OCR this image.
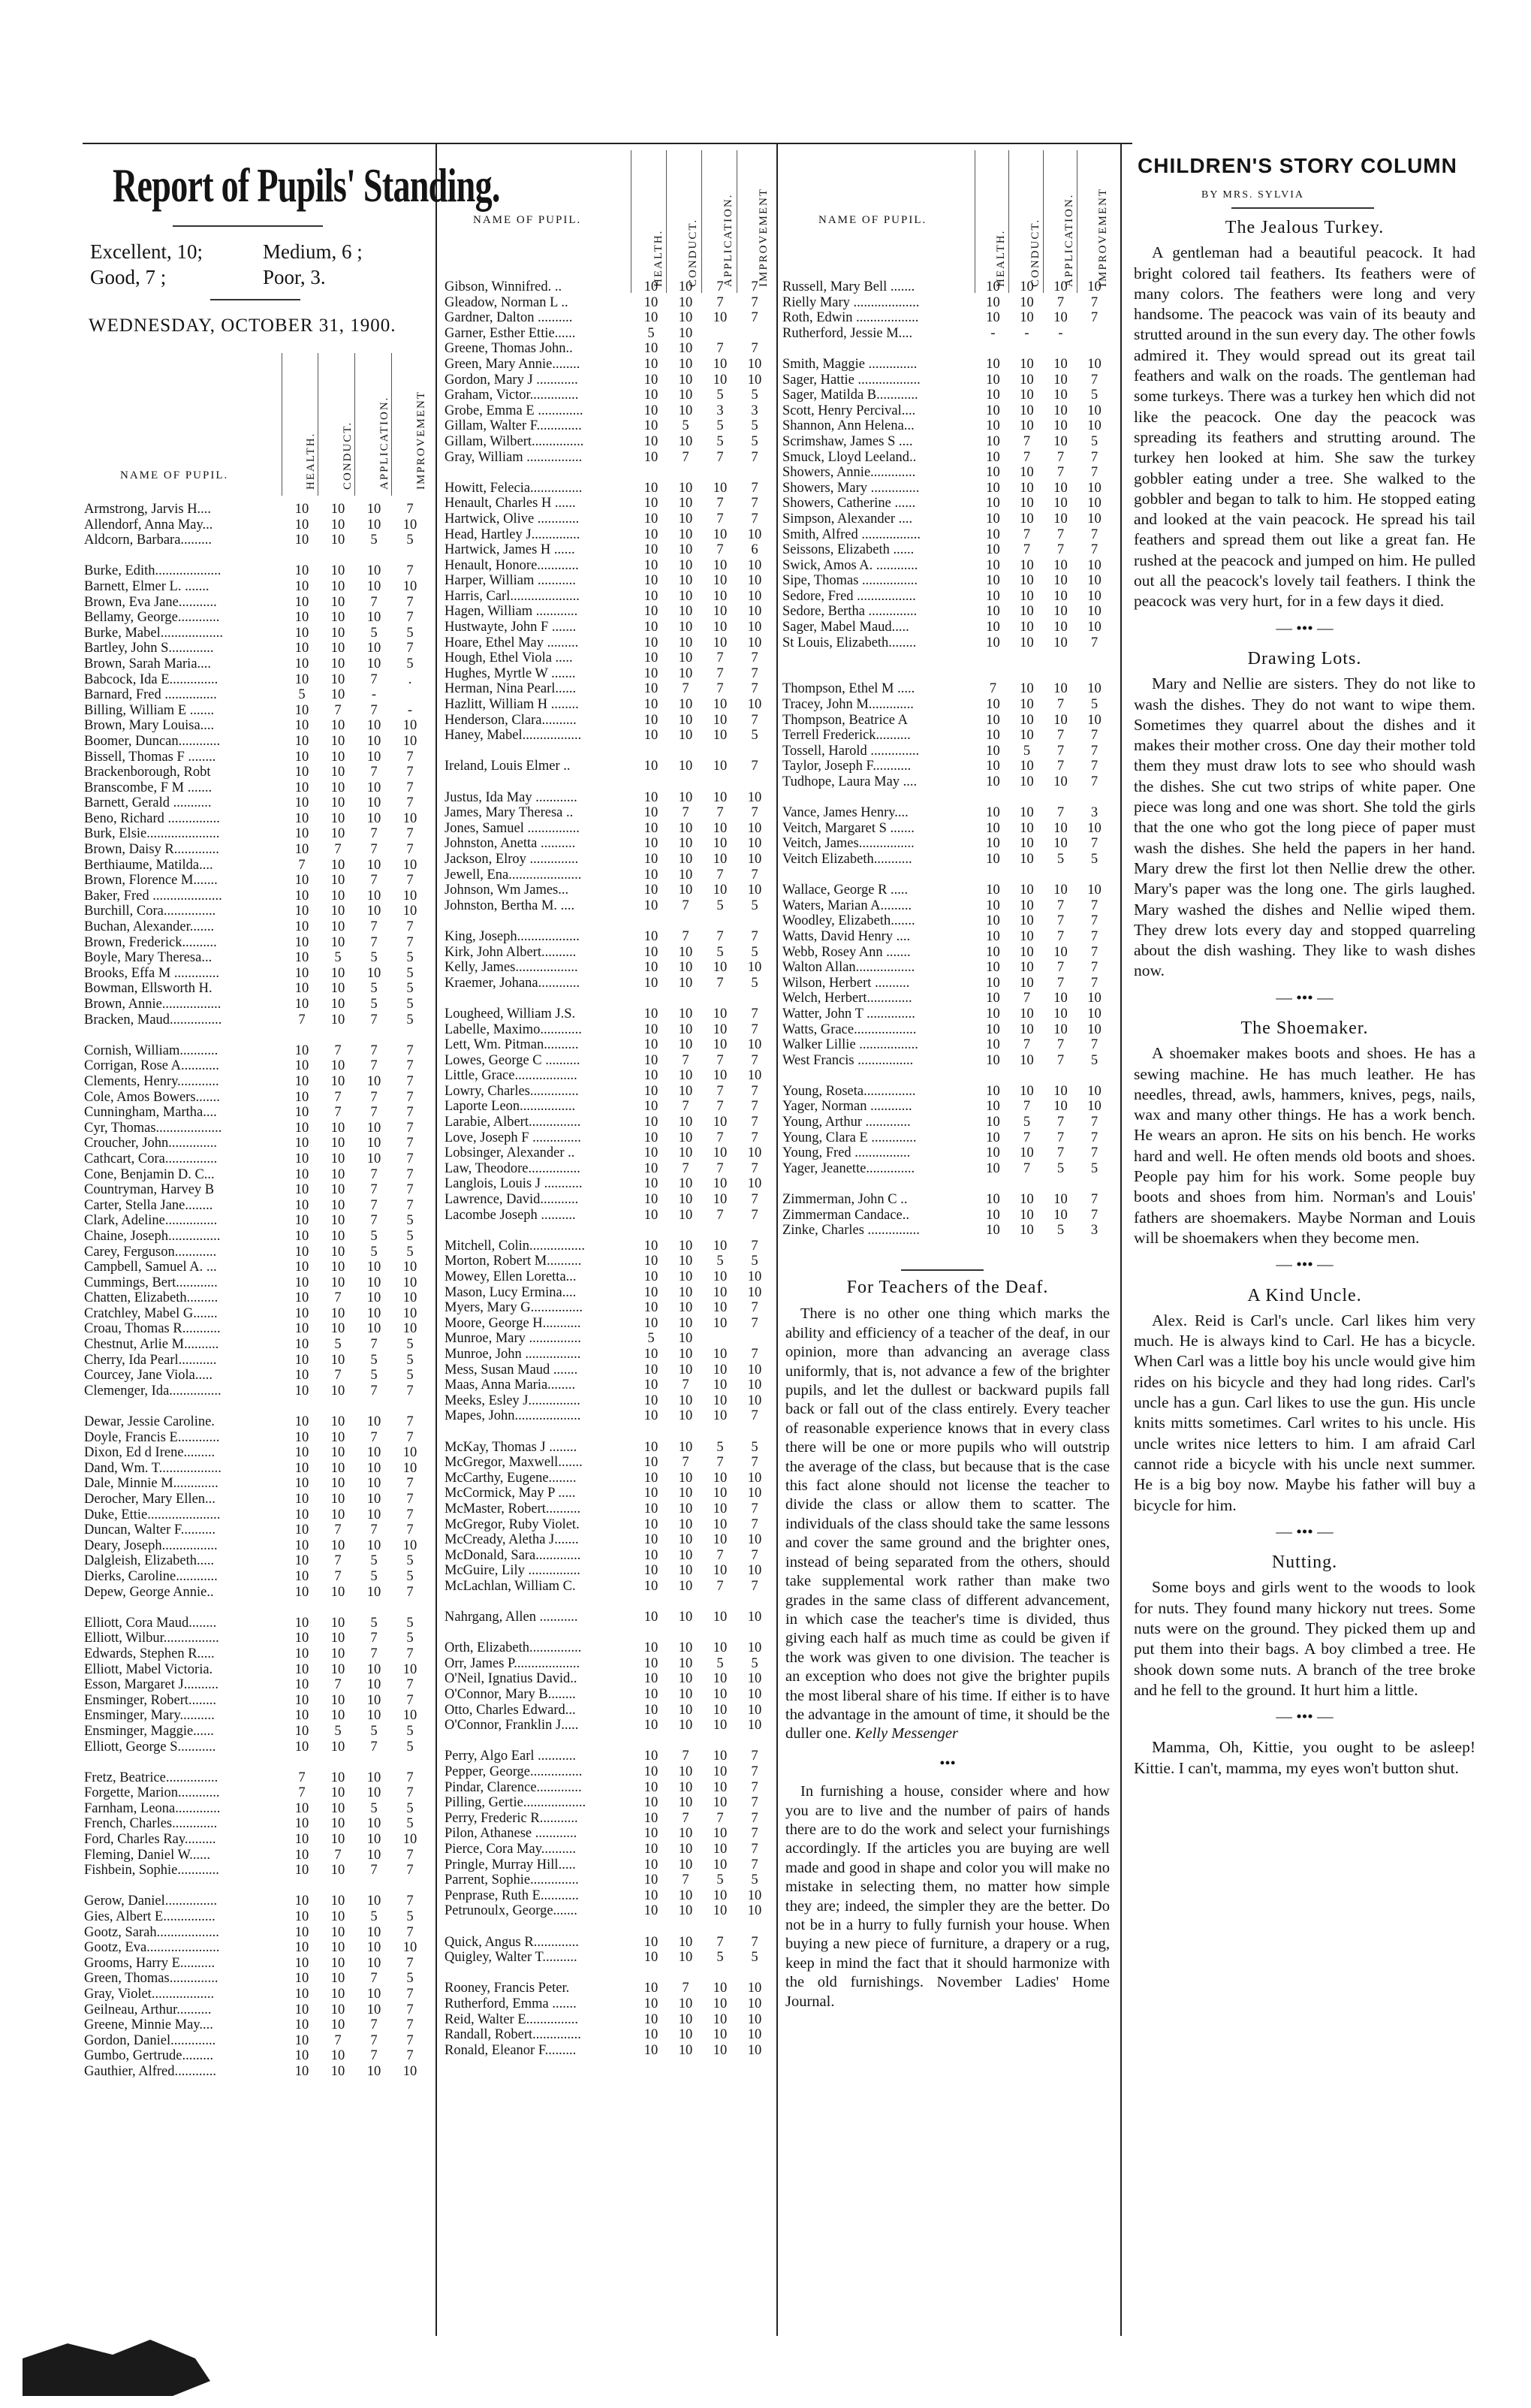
Report of Pupils' Standing.
Excellent, 10;	Medium, 6 ;
Good, 7 ;	Poor, 3.
WEDNESDAY, OCTOBER 31, 1900.
NAME OF PUPIL.	HEALTH. CONDUCT. APPLICATION. IMPROVEMENT
Armstrong, Jarvis H....	10	10	10	7
Allendorf, Anna May...	10	10	10	10
Aldcorn, Barbara.........	10	10	5	5
Burke, Edith...................	10	10	10	7
Barnett, Elmer L. .......	10	10	10	10
Brown, Eva Jane...........	10	10	7	7
Bellamy, George............	10	10	10	7
Burke, Mabel..................	10	10	5	5
Bartley, John S.............	10	10	10	7
Brown, Sarah Maria....	10	10	10	5
Babcock, Ida E..............	10	10	7	.
Barnard, Fred ...............	5	10	-
Billing, William E .......	10	7	7	-
Brown, Mary Louisa....	10	10	10	10
Boomer, Duncan............	10	10	10	10
Bissell, Thomas F ........	10	10	10	7
Brackenborough, Robt	10	10	7	7
Branscombe, F M .......	10	10	10	7
Barnett, Gerald ...........	10	10	10	7
Beno, Richard ...............	10	10	10	10
Burk, Elsie.....................	10	10	7	7
Brown, Daisy R.............	10	7	7	7
Berthiaume, Matilda....	7	10	10	10
Brown, Florence M.......	10	10	7	7
Baker, Fred ....................	10	10	10	10
Burchill, Cora...............	10	10	10	10
Buchan, Alexander.......	10	10	7	7
Brown, Frederick..........	10	10	7	7
Boyle, Mary Theresa...	10	5	5	5
Brooks, Effa M .............	10	10	10	5
Bowman, Ellsworth H.	10	10	5	5
Brown, Annie.................	10	10	5	5
Bracken, Maud...............	7	10	7	5
Cornish, William...........	10	7	7	7
Corrigan, Rose A...........	10	10	7	7
Clements, Henry............	10	10	10	7
Cole, Amos Bowers.......	10	7	7	7
Cunningham, Martha....	10	7	7	7
Cyr, Thomas...................	10	10	10	7
Croucher, John..............	10	10	10	7
Cathcart, Cora...............	10	10	10	7
Cone, Benjamin D. C...	10	10	7	7
Countryman, Harvey B	10	10	7	7
Carter, Stella Jane........	10	10	7	7
Clark, Adeline...............	10	10	7	5
Chaine, Joseph...............	10	10	5	5
Carey, Ferguson............	10	10	5	5
Campbell, Samuel A. ...	10	10	10	10
Cummings, Bert............	10	10	10	10
Chatten, Elizabeth.........	10	7	10	10
Cratchley, Mabel G.......	10	10	10	10
Croau, Thomas R...........	10	10	10	10
Chestnut, Arlie M..........	10	5	7	5
Cherry, Ida Pearl...........	10	10	5	5
Courcey, Jane Viola.....	10	7	5	5
Clemenger, Ida...............	10	10	7	7
Dewar, Jessie Caroline.	10	10	10	7
Doyle, Francis E............	10	10	7	7
Dixon, Ed d Irene.........	10	10	10	10
Dand, Wm. T..................	10	10	10	10
Dale, Minnie M.............	10	10	10	7
Derocher, Mary Ellen...	10	10	10	7
Duke, Ettie.....................	10	10	10	7
Duncan, Walter F..........	10	7	7	7
Deary, Joseph................	10	10	10	10
Dalgleish, Elizabeth.....	10	7	5	5
Dierks, Caroline............	10	7	5	5
Depew, George Annie..	10	10	10	7
Elliott, Cora Maud........	10	10	5	5
Elliott, Wilbur................	10	10	7	5
Edwards, Stephen R.....	10	10	7	7
Elliott, Mabel Victoria.	10	10	10	10
Esson, Margaret J..........	10	7	10	7
Ensminger, Robert........	10	10	10	7
Ensminger, Mary..........	10	10	10	10
Ensminger, Maggie......	10	5	5	5
Elliott, George S...........	10	10	7	5
Fretz, Beatrice...............	7	10	10	7
Forgette, Marion............	7	10	10	7
Farnham, Leona.............	10	10	5	5
French, Charles.............	10	10	10	5
Ford, Charles Ray.........	10	10	10	10
Fleming, Daniel W......	10	7	10	7
Fishbein, Sophie............	10	10	7	7
Gerow, Daniel...............	10	10	10	7
Gies, Albert E...............	10	10	5	5
Gootz, Sarah..................	10	10	10	7
Gootz, Eva.....................	10	10	10	10
Grooms, Harry E..........	10	10	10	7
Green, Thomas..............	10	10	7	5
Gray, Violet..................	10	10	10	7
Geilneau, Arthur..........	10	10	10	7
Greene, Minnie May....	10	10	7	7
Gordon, Daniel.............	10	7	7	7
Gumbo, Gertrude.........	10	10	7	7
Gauthier, Alfred............	10	10	10	10
NAME OF PUPIL.
HEALTH. CONDUCT. APPLICATION. IMPROVEMENT
Gibson, Winnifred. ..	10	10	7	7
Gleadow, Norman L ..	10	10	7	7
Gardner, Dalton ..........	10	10	10	7
Garner, Esther Ettie......	5	10
Greene, Thomas John..	10	10	7	7
Green, Mary Annie........	10	10	10	10
Gordon, Mary J ............	10	10	10	10
Graham, Victor..............	10	10	5	5
Grobe, Emma E .............	10	10	3	3
Gillam, Walter F.............	10	5	5	5
Gillam, Wilbert...............	10	10	5	5
Gray, William ................	10	7	7	7
Howitt, Felecia...............	10	10	10	7
Henault, Charles H ......	10	10	7	7
Hartwick, Olive ............	10	10	7	7
Head, Hartley J..............	10	10	10	10
Hartwick, James H ......	10	10	7	6
Henault, Honore............	10	10	10	10
Harper, William ...........	10	10	10	10
Harris, Carl....................	10	10	10	10
Hagen, William ............	10	10	10	10
Hustwayte, John F .......	10	10	10	10
Hoare, Ethel May .........	10	10	10	10
Hough, Ethel Viola .....	10	10	7	7
Hughes, Myrtle W .......	10	10	7	7
Herman, Nina Pearl......	10	7	7	7
Hazlitt, William H ........	10	10	10	10
Henderson, Clara..........	10	10	10	7
Haney, Mabel.................	10	10	10	5
Ireland, Louis Elmer ..	10	10	10	7
Justus, Ida May ............	10	10	10	10
James, Mary Theresa ..	10	7	7	7
Jones, Samuel ...............	10	10	10	10
Johnston, Anetta ..........	10	10	10	10
Jackson, Elroy ..............	10	10	10	10
Jewell, Ena.....................	10	10	7	7
Johnson, Wm James...	10	10	10	10
Johnston, Bertha M. ....	10	7	5	5
King, Joseph..................	10	7	7	7
Kirk, John Albert..........	10	10	5	5
Kelly, James..................	10	10	10	10
Kraemer, Johana............	10	10	7	5
Lougheed, William J.S.	10	10	10	7
Labelle, Maximo............	10	10	10	7
Lett, Wm. Pitman..........	10	10	10	10
Lowes, George C ..........	10	7	7	7
Little, Grace..................	10	10	10	10
Lowry, Charles..............	10	10	7	7
Laporte Leon................	10	7	7	7
Larabie, Albert...............	10	10	10	7
Love, Joseph F ..............	10	10	7	7
Lobsinger, Alexander ..	10	10	10	10
Law, Theodore...............	10	7	7	7
Langlois, Louis J ...........	10	10	10	10
Lawrence, David...........	10	10	10	7
Lacombe Joseph ..........	10	10	7	7
Mitchell, Colin................	10	10	10	7
Morton, Robert M..........	10	10	5	5
Mowey, Ellen Loretta...	10	10	10	10
Mason, Lucy Ermina....	10	10	10	10
Myers, Mary G...............	10	10	10	7
Moore, George H...........	10	10	10	7
Munroe, Mary ...............	5	10
Munroe, John ................	10	10	10	7
Mess, Susan Maud .......	10	10	10	10
Maas, Anna Maria........	10	7	10	10
Meeks, Esley J...............	10	10	10	10
Mapes, John...................	10	10	10	7
McKay, Thomas J ........	10	10	5	5
McGregor, Maxwell.......	10	7	7	7
McCarthy, Eugene........	10	10	10	10
McCormick, May P .....	10	10	10	10
McMaster, Robert..........	10	10	10	7
McGregor, Ruby Violet.	10	10	10	7
McCready, Aletha J.......	10	10	10	10
McDonald, Sara.............	10	10	7	7
McGuire, Lily ...............	10	10	10	10
McLachlan, William C.	10	10	7	7
Nahrgang, Allen ...........	10	10	10	10
Orth, Elizabeth...............	10	10	10	10
Orr, James P...................	10	10	5	5
O'Neil, Ignatius David..	10	10	10	10
O'Connor, Mary B........	10	10	10	10
Otto, Charles Edward...	10	10	10	10
O'Connor, Franklin J.....	10	10	10	10
Perry, Algo Earl ...........	10	7	10	7
Pepper, George...............	10	10	10	7
Pindar, Clarence.............	10	10	10	7
Pilling, Gertie..................	10	10	10	7
Perry, Frederic R...........	10	7	7	7
Pilon, Athanese ............	10	10	10	7
Pierce, Cora May..........	10	10	10	7
Pringle, Murray Hill.....	10	10	10	7
Parrent, Sophie..............	10	7	5	5
Penprase, Ruth E...........	10	10	10	10
Petrunoulx, George.......	10	10	10	10
Quick, Angus R.............	10	10	7	7
Quigley, Walter T..........	10	10	5	5
Rooney, Francis Peter.	10	7	10	10
Rutherford, Emma .......	10	10	10	10
Reid, Walter E...............	10	10	10	10
Randall, Robert..............	10	10	10	10
Ronald, Eleanor F.........	10	10	10	10
NAME OF PUPIL.
HEALTH. CONDUCT. APPLICATION. IMPROVEMENT
Russell, Mary Bell .......	10	10	10	10
Rielly Mary ...................	10	10	7	7
Roth, Edwin ..................	10	10	10	7
Rutherford, Jessie M....	-	-	-
Smith, Maggie ..............	10	10	10	10
Sager, Hattie ..................	10	10	10	7
Sager, Matilda B............	10	10	10	5
Scott, Henry Percival....	10	10	10	10
Shannon, Ann Helena...	10	10	10	10
Scrimshaw, James S ....	10	7	10	5
Smuck, Lloyd Leeland..	10	7	7	7
Showers, Annie.............	10	10	7	7
Showers, Mary ..............	10	10	10	10
Showers, Catherine ......	10	10	10	10
Simpson, Alexander ....	10	10	10	10
Smith, Alfred .................	10	7	7	7
Seissons, Elizabeth ......	10	7	7	7
Swick, Amos A. ............	10	10	10	10
Sipe, Thomas ................	10	10	10	10
Sedore, Fred .................	10	10	10	10
Sedore, Bertha ..............	10	10	10	10
Sager, Mabel Maud.....	10	10	10	10
St Louis, Elizabeth........	10	10	10	7
Thompson, Ethel M .....	7	10	10	10
Tracey, John M.............	10	10	7	5
Thompson, Beatrice A	10	10	10	10
Terrell Frederick..........	10	10	7	7
Tossell, Harold ..............	10	5	7	7
Taylor, Joseph F...........	10	10	7	7
Tudhope, Laura May ....	10	10	10	7
Vance, James Henry....	10	10	7	3
Veitch, Margaret S .......	10	10	10	10
Veitch, James................	10	10	10	7
Veitch Elizabeth...........	10	10	5	5
Wallace, George R .....	10	10	10	10
Waters, Marian A.........	10	10	7	7
Woodley, Elizabeth.......	10	10	7	7
Watts, David Henry ....	10	10	7	7
Webb, Rosey Ann .......	10	10	10	7
Walton Allan.................	10	10	7	7
Wilson, Herbert ..........	10	10	7	7
Welch, Herbert.............	10	7	10	10
Watter, John T ..............	10	10	10	10
Watts, Grace..................	10	10	10	10
Walker Lillie .................	10	7	7	7
West Francis ................	10	10	7	5
Young, Roseta...............	10	10	10	10
Yager, Norman ............	10	7	10	10
Young, Arthur .............	10	5	7	7
Young, Clara E .............	10	7	7	7
Young, Fred ................	10	10	7	7
Yager, Jeanette..............	10	7	5	5
Zimmerman, John C ..	10	10	10	7
Zimmerman Candace..	10	10	10	7
Zinke, Charles ...............	10	10	5	3
For Teachers of the Deaf.

There is no other one thing which marks the ability and efficiency of a teacher of the deaf, in our opinion, more than advancing an average class uniformly, that is, not advance a few of the brighter pupils, and let the dullest or backward pupils fall back or fall out of the class entirely. Every teacher of reasonable experience knows that in every class there will be one or more pupils who will outstrip the average of the class, but because that is the case this fact alone should not license the teacher to divide the class or allow them to scatter. The individuals of the class should take the same lessons and cover the same ground and the brighter ones, instead of being separated from the others, should take supplemental work rather than make two grades in the same class of different advancement, in which case the teacher's time is divided, thus giving each half as much time as could be given if the work was given to one division. The teacher is an exception who does not give the brighter pupils the most liberal share of his time. If either is to have the advantage in the amount of time, it should be the duller one. Kelly Messenger

•••

In furnishing a house, consider where and how you are to live and the number of pairs of hands there are to do the work and select your furnishings accordingly. If the articles you are buying are well made and good in shape and color you will make no mistake in selecting them, no matter how simple they are; indeed, the simpler they are the better. Do not be in a hurry to fully furnish your house. When buying a new piece of furniture, a drapery or a rug, keep in mind the fact that it should harmonize with the old furnishings. November Ladies' Home Journal.

CHILDREN'S STORY COLUMN
BY MRS. SYLVIA
The Jealous Turkey.

A gentleman had a beautiful peacock. It had bright colored tail feathers. Its feathers were of many colors. The feathers were long and very handsome. The peacock was vain of its beauty and strutted around in the sun every day. The other fowls admired it. They would spread out its great tail feathers and walk on the roads. The gentleman had some turkeys. There was a turkey hen which did not like the peacock. One day the peacock was spreading its feathers and strutting around. The turkey hen looked at him. She saw the turkey gobbler eating under a tree. She walked to the gobbler and began to talk to him. He stopped eating and looked at the vain peacock. He spread his tail feathers and spread them out like a great fan. He rushed at the peacock and jumped on him. He pulled out all the peacock's lovely tail feathers. I think the peacock was very hurt, for in a few days it died.

— ••• —
Drawing Lots.

Mary and Nellie are sisters. They do not like to wash the dishes. They do not want to wipe them. Sometimes they quarrel about the dishes and it makes their mother cross. One day their mother told them they must draw lots to see who should wash the dishes. She cut two strips of white paper. One piece was long and one was short. She told the girls that the one who got the long piece of paper must wash the dishes. She held the papers in her hand. Mary drew the first lot then Nellie drew the other. Mary's paper was the long one. The girls laughed. Mary washed the dishes and Nellie wiped them. They drew lots every day and stopped quarreling about the dish washing. They like to wash dishes now.

— ••• —
The Shoemaker.

A shoemaker makes boots and shoes. He has a sewing machine. He has much leather. He has needles, thread, awls, hammers, knives, pegs, nails, wax and many other things. He has a work bench. He wears an apron. He sits on his bench. He works hard and well. He often mends old boots and shoes. People pay him for his work. Some people buy boots and shoes from him. Norman's and Louis' fathers are shoemakers. Maybe Norman and Louis will be shoemakers when they become men.

— ••• —
A Kind Uncle.

Alex. Reid is Carl's uncle. Carl likes him very much. He is always kind to Carl. He has a bicycle. When Carl was a little boy his uncle would give him rides on his bicycle and they had long rides. Carl's uncle has a gun. Carl likes to use the gun. His uncle knits mitts sometimes. Carl writes to his uncle. His uncle writes nice letters to him. I am afraid Carl cannot ride a bicycle with his uncle next summer. He is a big boy now. Maybe his father will buy a bicycle for him.

— ••• —
Nutting.

Some boys and girls went to the woods to look for nuts. They found many hickory nut trees. Some nuts were on the ground. They picked them up and put them into their bags. A boy climbed a tree. He shook down some nuts. A branch of the tree broke and he fell to the ground. It hurt him a little.

— ••• —

Mamma, Oh, Kittie, you ought to be asleep! Kittie. I can't, mamma, my eyes won't button shut.
